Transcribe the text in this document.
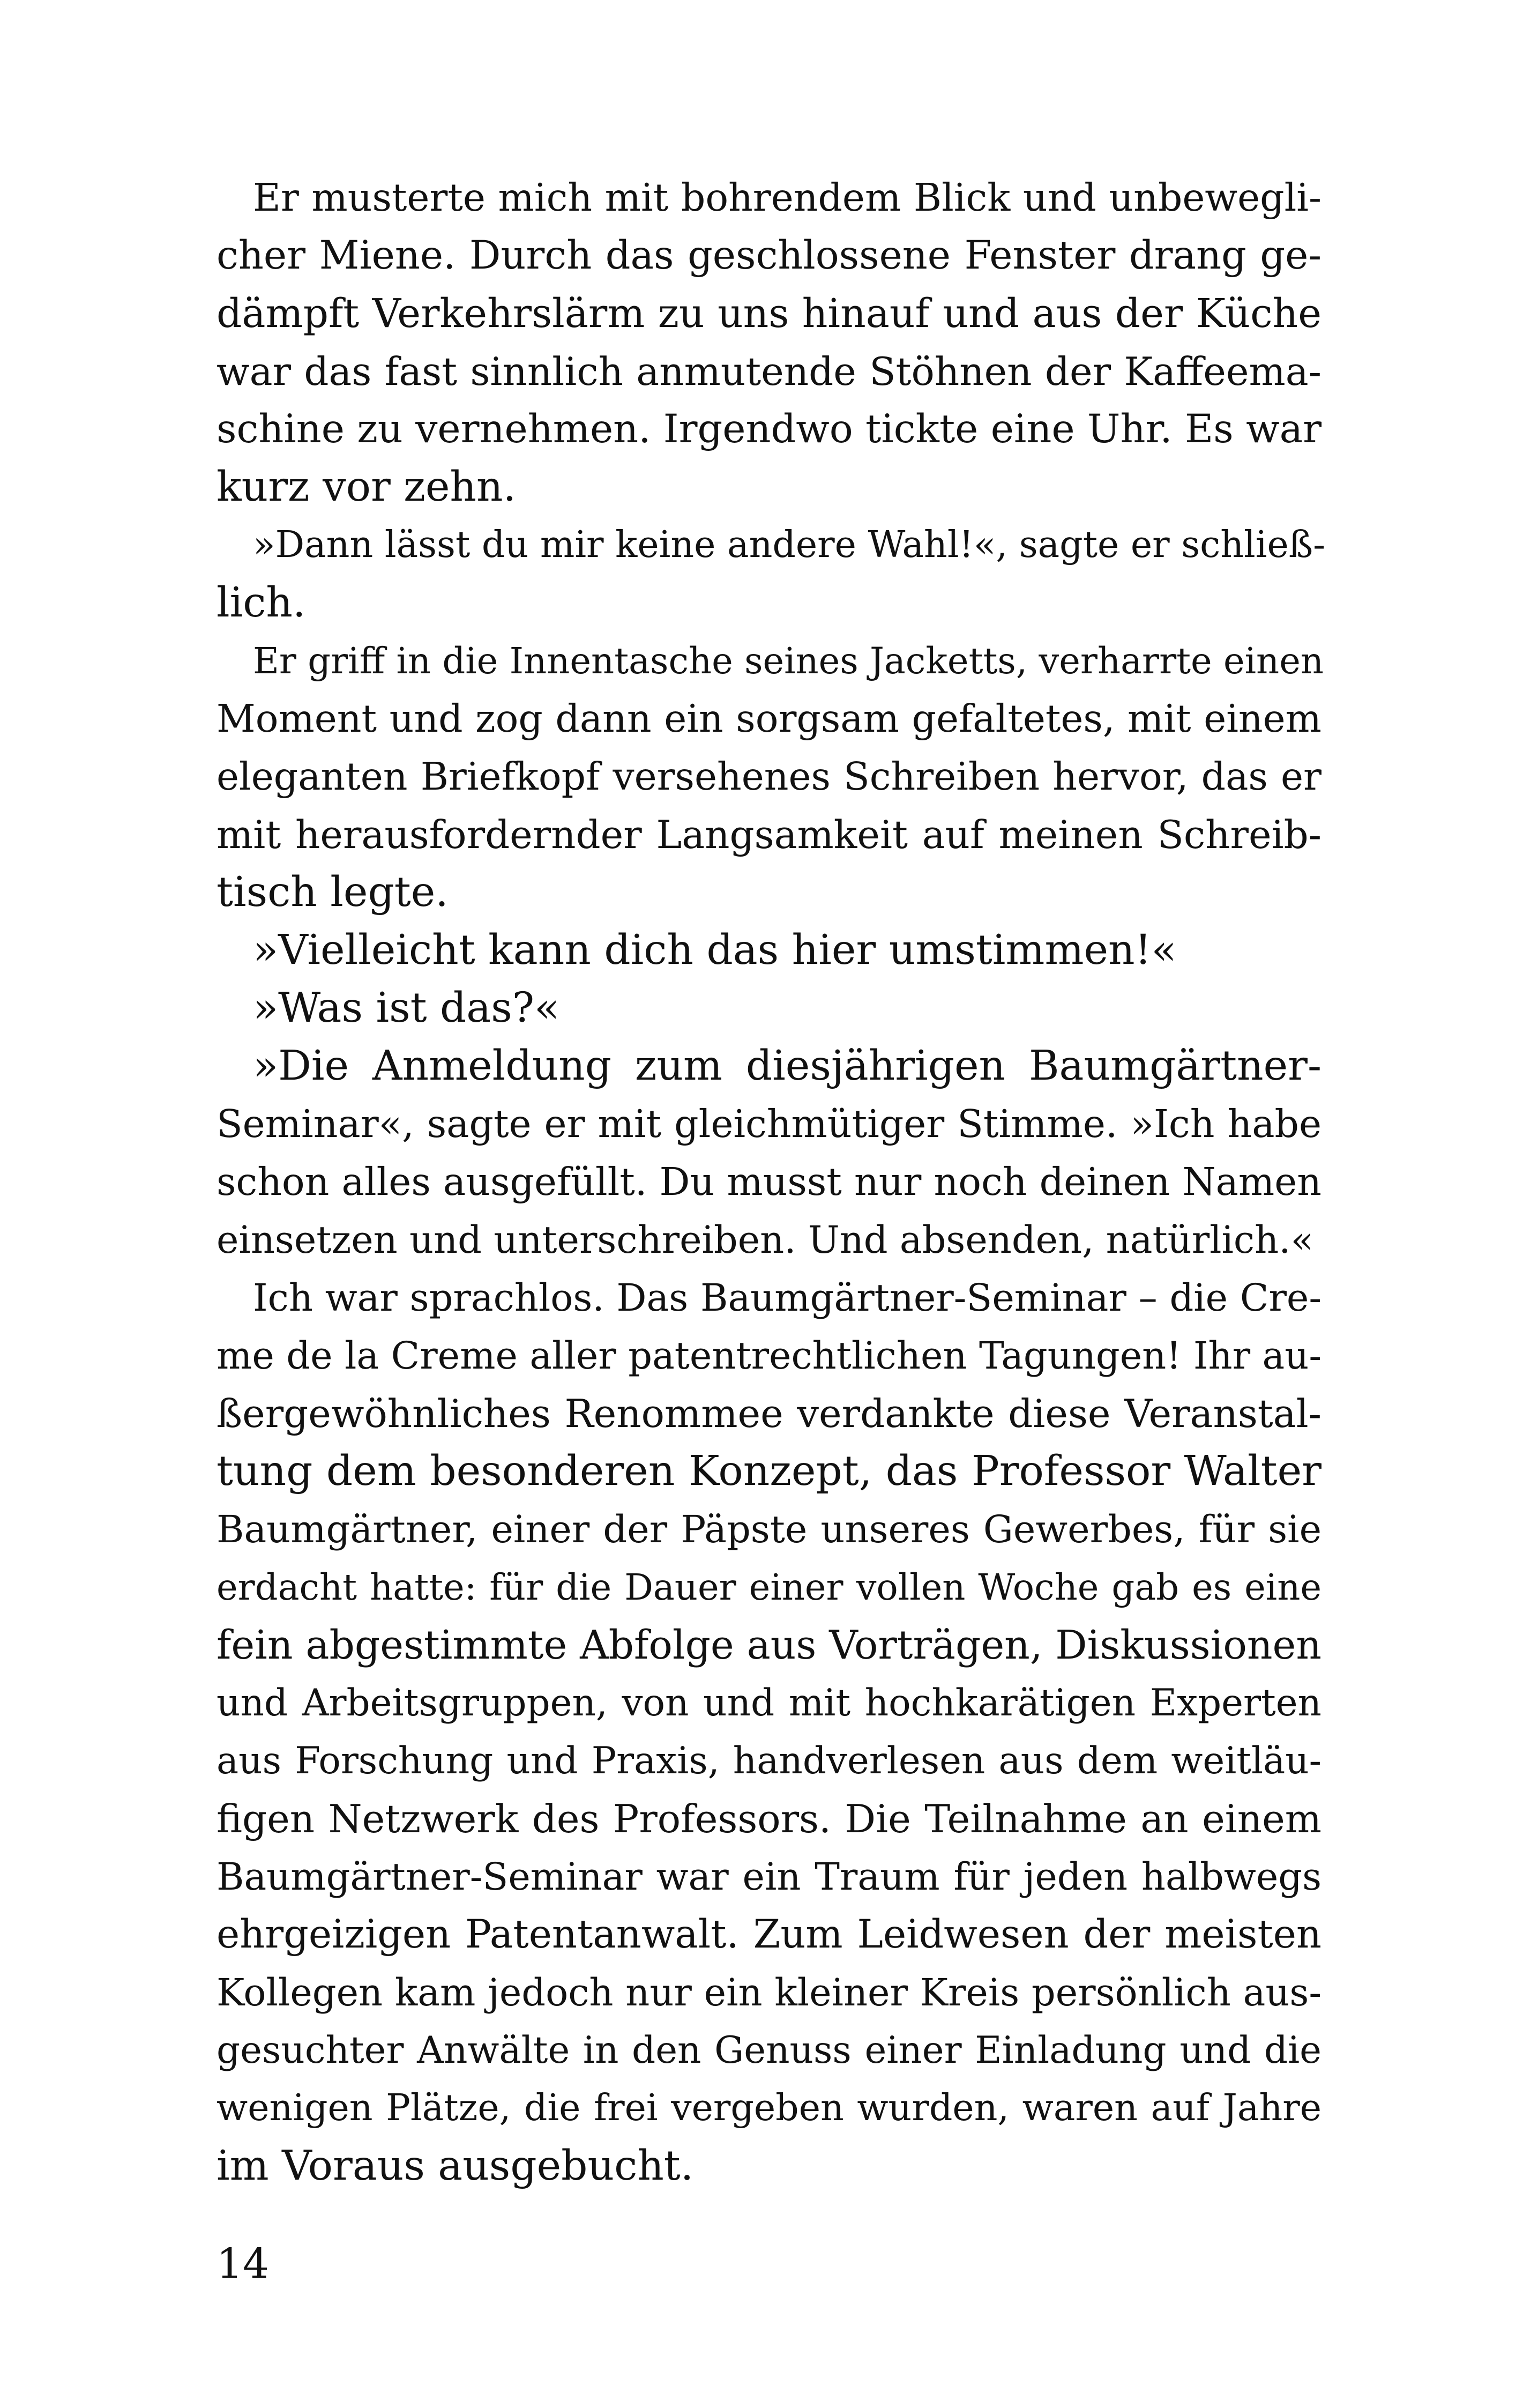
Er musterte mich mit bohrendem Blick und unbewegli-
cher Miene. Durch das geschlossene Fenster drang ge-
dämpft Verkehrslärm zu uns hinauf und aus der Küche
war das fast sinnlich anmutende Stöhnen der Kaffeema-
schine zu vernehmen. Irgendwo tickte eine Uhr. Es war
kurz vor zehn.
»Dann lässt du mir keine andere Wahl!«, sagte er schließ-
lich.
Er griff in die Innentasche seines Jacketts, verharrte einen
Moment und zog dann ein sorgsam gefaltetes, mit einem
eleganten Briefkopf versehenes Schreiben hervor, das er
mit herausfordernder Langsamkeit auf meinen Schreib-
tisch legte.
»Vielleicht kann dich das hier umstimmen!«
»Was ist das?«
»Die Anmeldung zum diesjährigen Baumgärtner-
Seminar«, sagte er mit gleichmütiger Stimme. »Ich habe
schon alles ausgefüllt. Du musst nur noch deinen Namen
einsetzen und unterschreiben. Und absenden, natürlich.«
Ich war sprachlos. Das Baumgärtner-Seminar – die Cre-
me de la Creme aller patentrechtlichen Tagungen! Ihr au-
ßergewöhnliches Renommee verdankte diese Veranstal-
tung dem besonderen Konzept, das Professor Walter
Baumgärtner, einer der Päpste unseres Gewerbes, für sie
erdacht hatte: für die Dauer einer vollen Woche gab es eine
fein abgestimmte Abfolge aus Vorträgen, Diskussionen
und Arbeitsgruppen, von und mit hochkarätigen Experten
aus Forschung und Praxis, handverlesen aus dem weitläu-
figen Netzwerk des Professors. Die Teilnahme an einem
Baumgärtner-Seminar war ein Traum für jeden halbwegs
ehrgeizigen Patentanwalt. Zum Leidwesen der meisten
Kollegen kam jedoch nur ein kleiner Kreis persönlich aus-
gesuchter Anwälte in den Genuss einer Einladung und die
wenigen Plätze, die frei vergeben wurden, waren auf Jahre
im Voraus ausgebucht.
14
